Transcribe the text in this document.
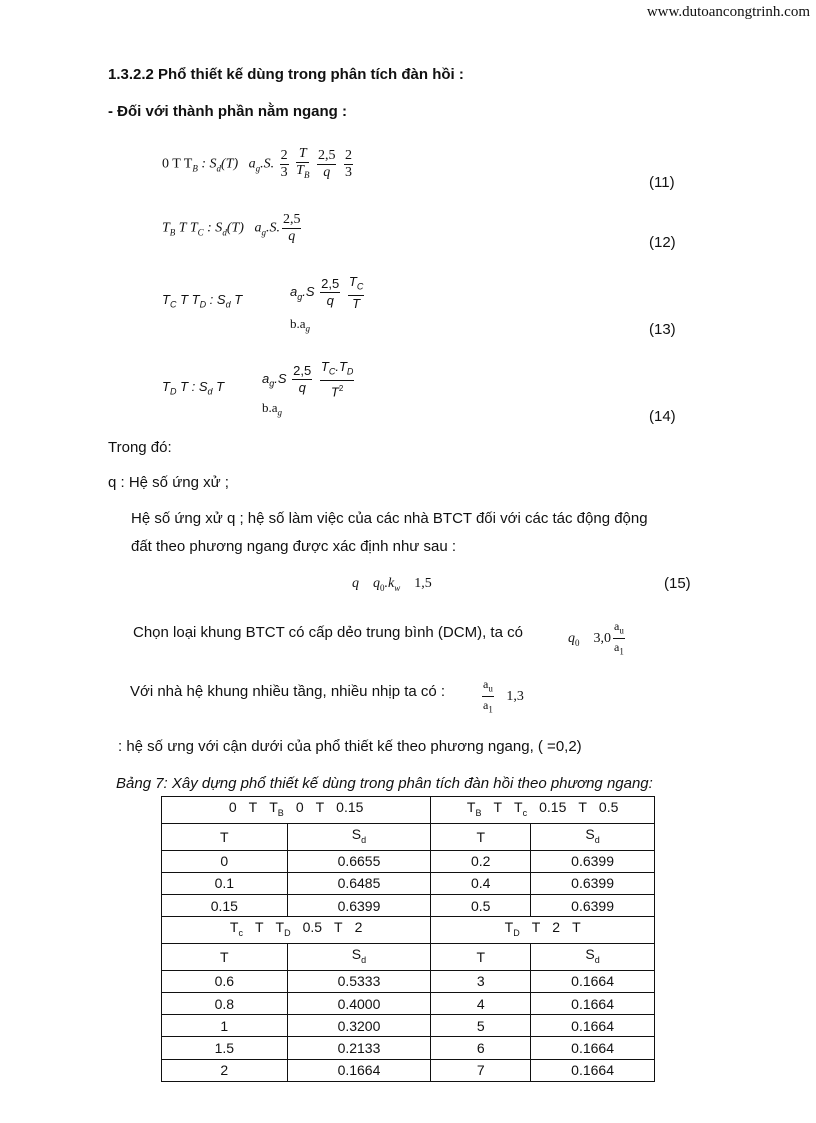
www.dutoancongtrinh.com
1.3.2.2 Phổ thiết kế dùng trong phân tích đàn hồi :
- Đối với thành phần nằm ngang :
0 T $T_B$ : $S_d(T)$ $a_g.S$. $\frac{2}{3}$
$\frac{T}{T_B}$
$\frac{2,5}{q}$
$\frac{2}{3}$
(11)
$T_B$ T $T_C$ : $S_d(T)$ $a_g.S$. $\frac{2,5}{q}$	(12)
$T_C$ T $T_D$ : $S_d$ T
$a_g.S \frac{2,5}{q}$
$\frac{T_C}{T}$
$b.a_g$	(13)
$T_D$ T : $S_d$ T
$a_g.S \frac{2,5}{q}$
$\frac{T_C.T_D}{T^2}$
$b.a_g$	(14)
Trong đó:
q : Hệ số ứng xử ;
Hệ số ứng xử q ; hệ số làm việc của các nhà BTCT đối với các tác động động
đất theo phương ngang được xác định như sau :
q $q_0.k_w$ 1,5	(15)
Chọn loại khung BTCT có cấp dẻo trung bình (DCM), ta có	$q_0$ $3,0 \frac{a_u}{a_1}$
Với nhà hệ khung nhiều tầng, nhiều nhịp ta có :	$\frac{a_u}{a_1} 1,3$
: hệ số ưng với cận dưới của phổ thiết kế theo phương ngang, ( =0,2)
Bảng 7: Xây dựng phổ thiết kế dùng trong phân tích đàn hồi theo phương ngang:
0 T $T_B$ 0 T 0.15		$T_B$ T $T_c$ 0.15 T 0.5	
T	$S_d$	T	$S_d$
0	0.6655	0.2	0.6399
0.1	0.6485	0.4	0.6399
0.15	0.6399	0.5	0.6399
$T_c$ T $T_D$ 0.5 T 2		$T_D$ T 2 T	
T	$S_d$	T	$S_d$
0.6	0.5333	3	0.1664
0.8	0.4000	4	0.1664
1	0.3200	5	0.1664
1.5	0.2133	6	0.1664
2	0.1664	7	0.1664
